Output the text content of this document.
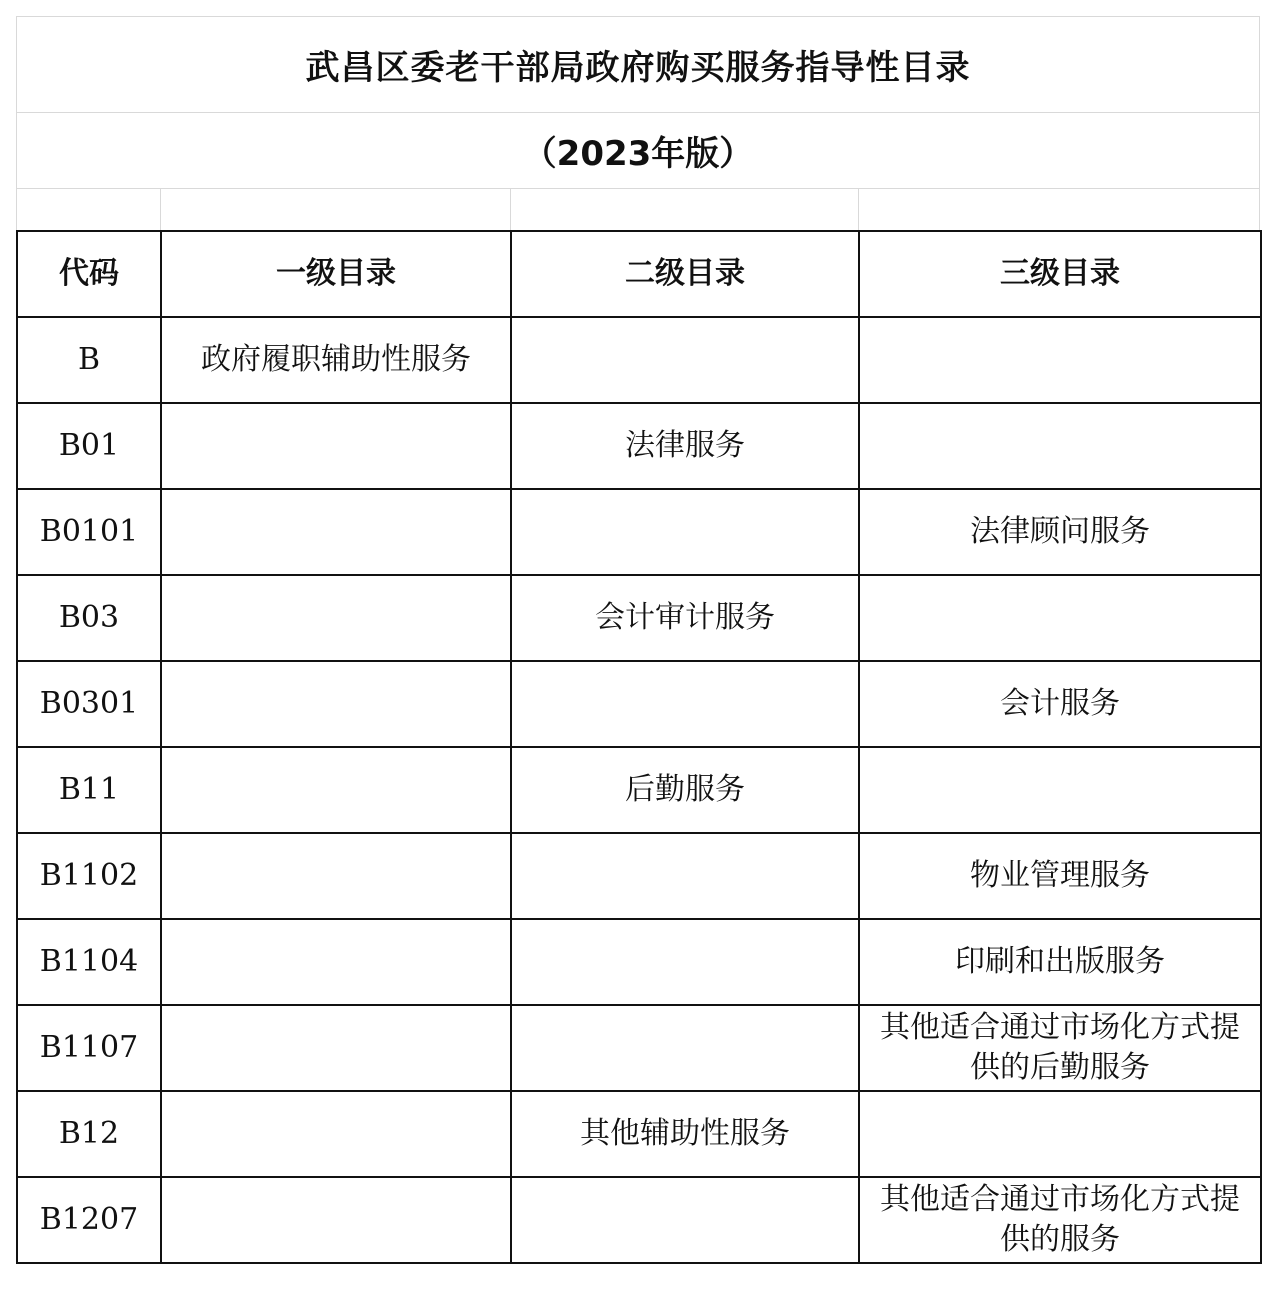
武昌区委老干部局政府购买服务指导性目录
（2023年版）
代码	一级目录	二级目录	三级目录
B	政府履职辅助性服务		
B01		法律服务	
B0101			法律顾问服务
B03		会计审计服务	
B0301			会计服务
B11		后勤服务	
B1102			物业管理服务
B1104			印刷和出版服务
B1107			其他适合通过市场化方式提供的后勤服务
B12		其他辅助性服务	
B1207			其他适合通过市场化方式提供的服务
